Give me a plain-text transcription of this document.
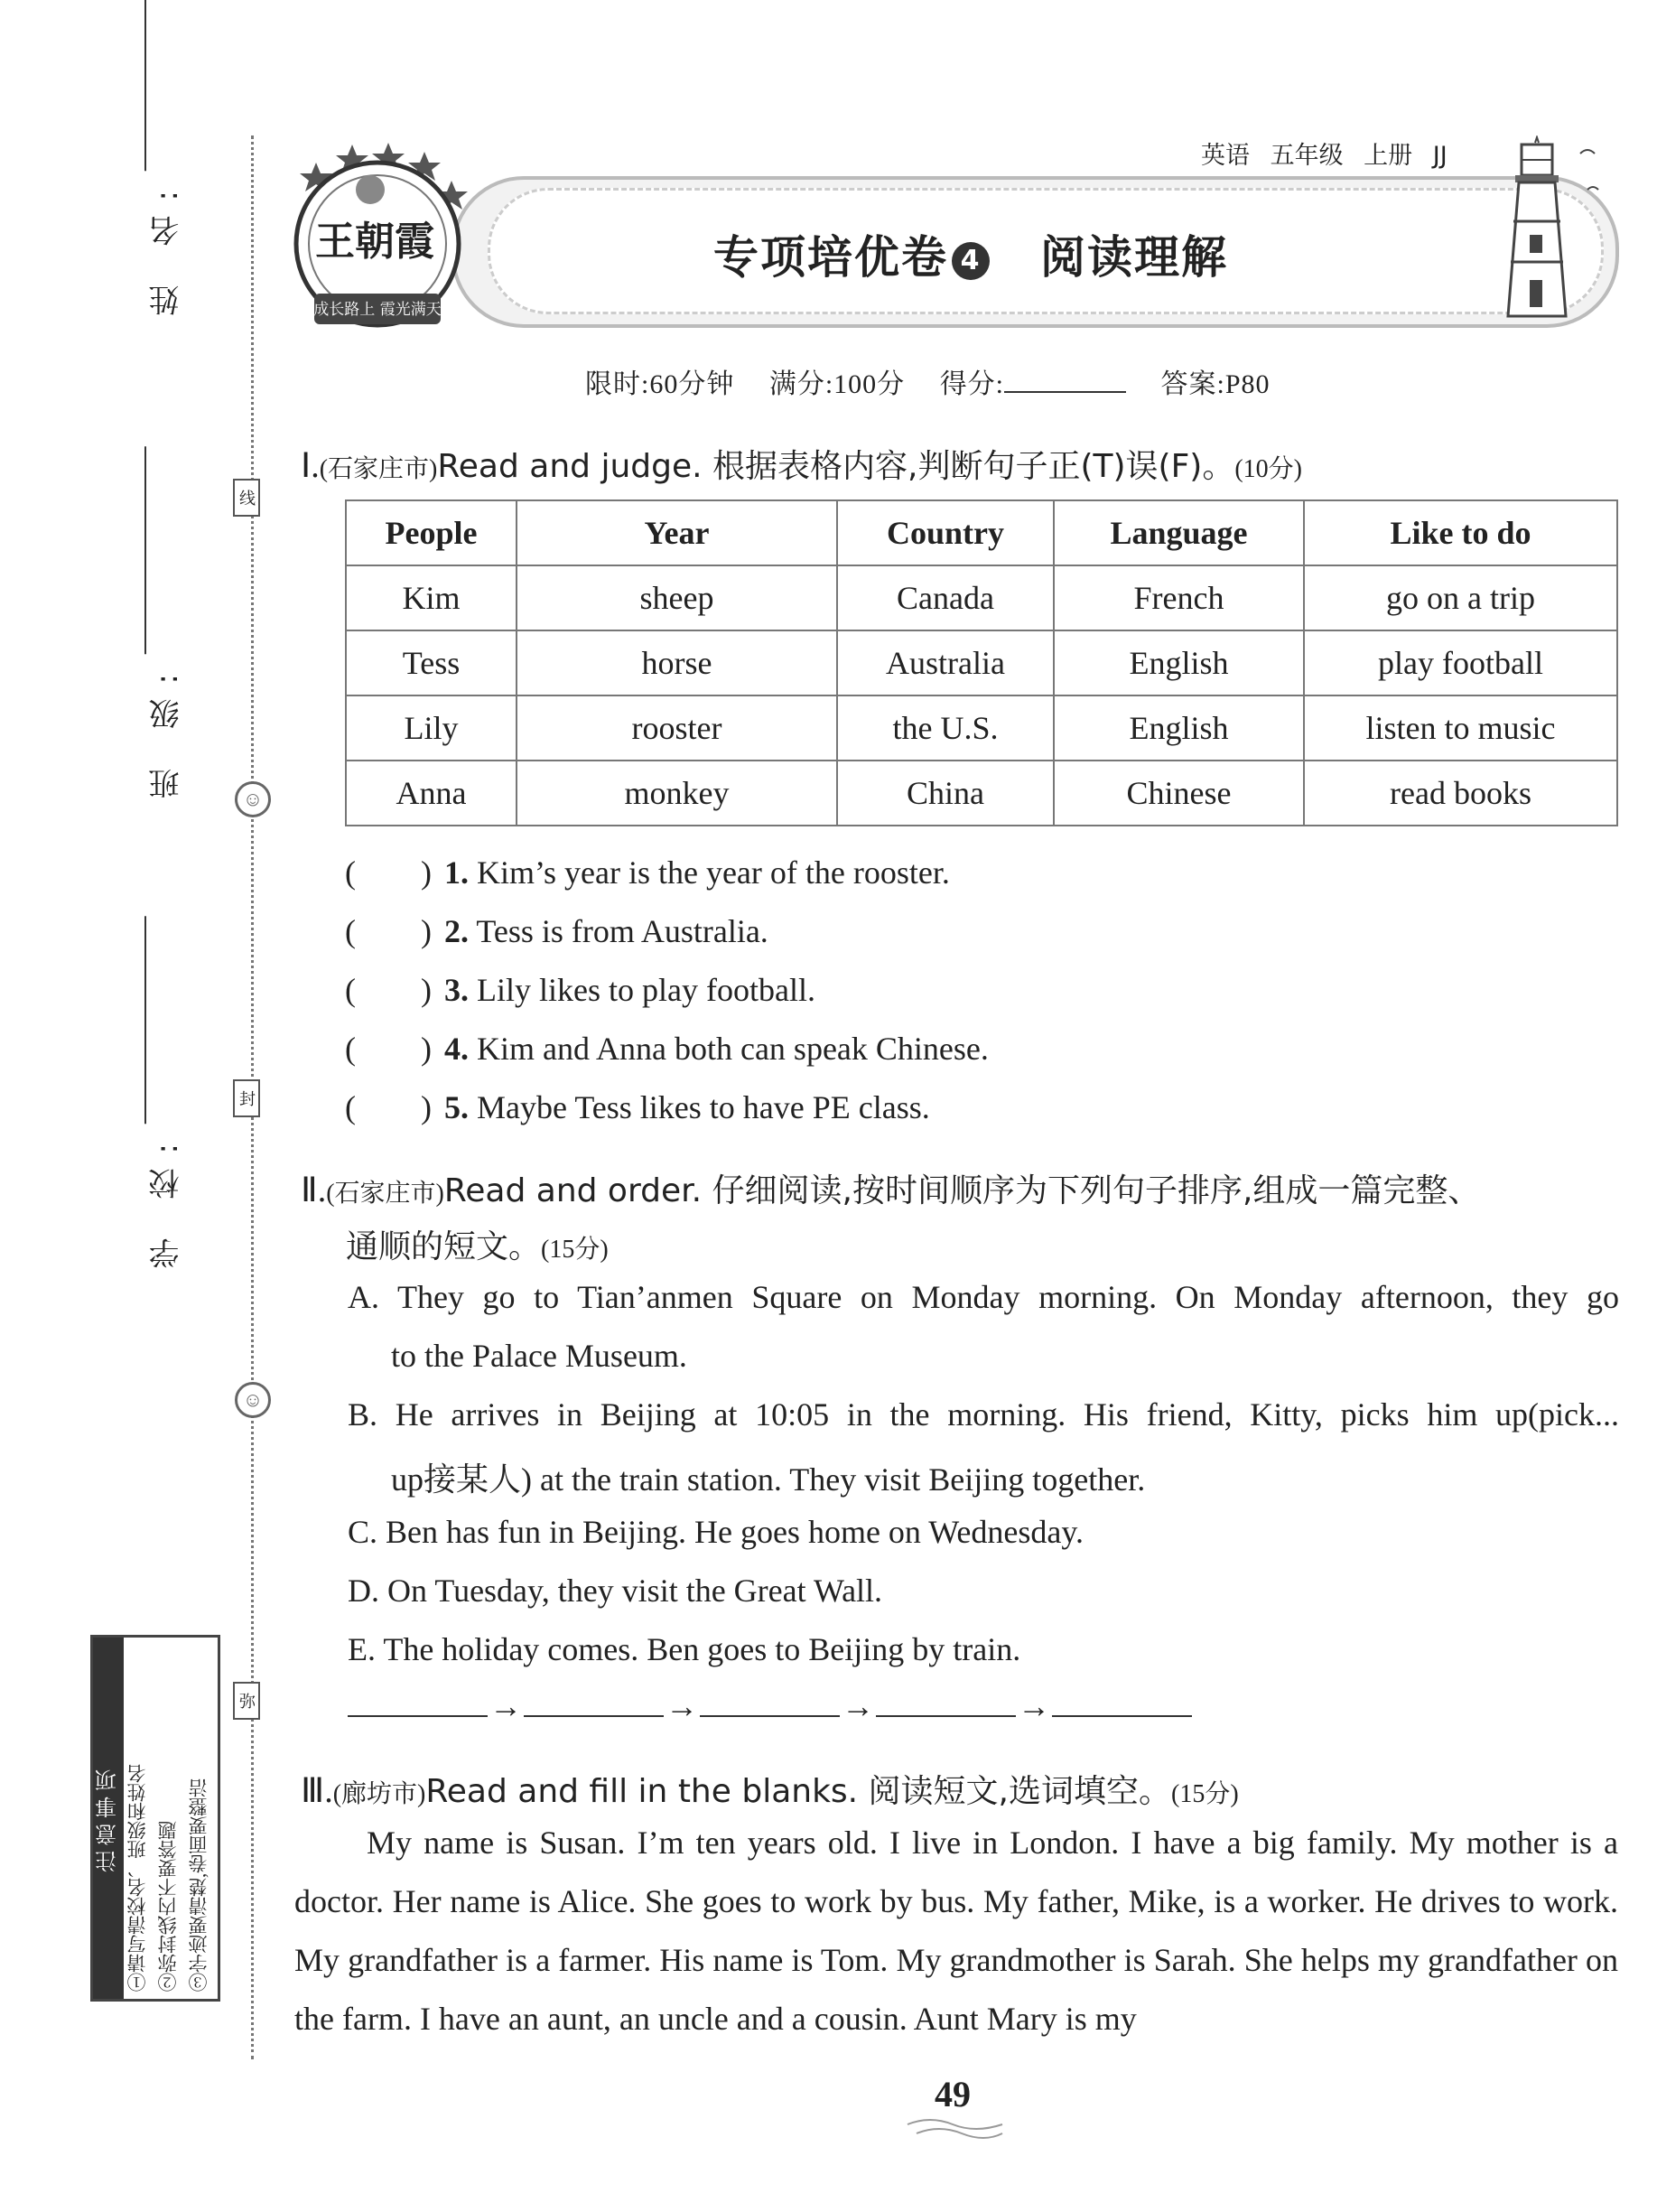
线
☺
封
☺
弥
姓 名:
班 级:
学 校:
注意事项 ①请写清校名、班级和姓名 ②弥封线内不要答题 ③字迹要清楚,卷面要整洁
王朝霞
成长路上 霞光满天
英语 五年级 上册 JJ
专项培优卷 4 阅读理解
限时:60分钟 满分:100分 得分:	答案:P80
Ⅰ.(石家庄市)Read and judge. 根据表格内容,判断句子正(T)误(F)。(10分)
People	Year	Country	Language	Like to do
Kim	sheep	Canada	French	go on a trip
Tess	horse	Australia	English	play football
Lily	rooster	the U.S.	English	listen to music
Anna	monkey	China	Chinese	read books
(        ) 1. Kim’s year is the year of the rooster.
(        ) 2. Tess is from Australia.
(        ) 3. Lily likes to play football.
(        ) 4. Kim and Anna both can speak Chinese.
(        ) 5. Maybe Tess likes to have PE class.
Ⅱ.(石家庄市)Read and order. 仔细阅读,按时间顺序为下列句子排序,组成一篇完整、
通顺的短文。(15分)
A. They go to Tian’anmen Square on Monday morning. On Monday afternoon, they go
to the Palace Museum.
B. He arrives in Beijing at 10:05 in the morning. His friend, Kitty, picks him up(pick...
up接某人) at the train station. They visit Beijing together.
C. Ben has fun in Beijing. He goes home on Wednesday.
D. On Tuesday, they visit the Great Wall.
E. The holiday comes. Ben goes to Beijing by train.
→	→	→	→
Ⅲ.(廊坊市)Read and fill in the blanks. 阅读短文,选词填空。(15分)
My name is Susan. I’m ten years old. I live in London. I have a big family. My mother is a doctor. Her name is Alice. She goes to work by bus. My father, Mike, is a worker. He drives to work. My grandfather is a farmer. His name is Tom. My grandmother is Sarah. She helps my grandfather on the farm. I have an aunt, an uncle and a cousin. Aunt Mary is my
49
